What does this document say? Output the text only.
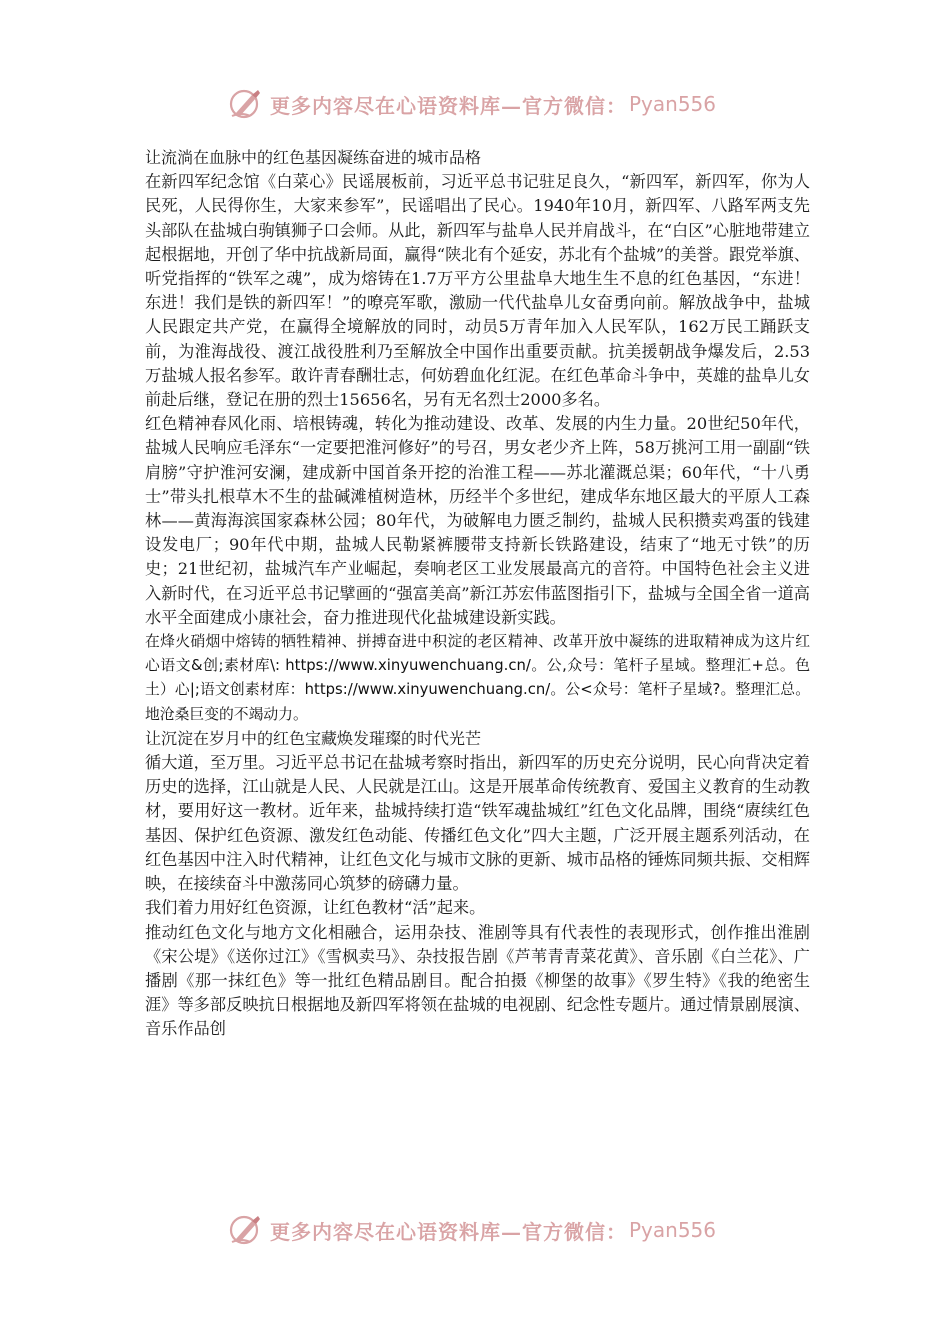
更多内容尽在心语资料库—官方微信： Pyan556

让流淌在血脉中的红色基因凝练奋进的城市品格

在新四军纪念馆《白菜心》民谣展板前，习近平总书记驻足良久，“新四军，新四军，你为人民死，人民得你生，大家来参军”，民谣唱出了民心。1940年10月，新四军、八路军两支先头部队在盐城白驹镇狮子口会师。从此，新四军与盐阜人民并肩战斗，在“白区”心脏地带建立起根据地，开创了华中抗战新局面，赢得“陕北有个延安，苏北有个盐城”的美誉。跟党举旗、听党指挥的“铁军之魂”，成为熔铸在1.7万平方公里盐阜大地生生不息的红色基因，“东进！东进！我们是铁的新四军！”的嘹亮军歌，激励一代代盐阜儿女奋勇向前。解放战争中，盐城人民跟定共产党，在赢得全境解放的同时，动员5万青年加入人民军队，162万民工踊跃支前，为淮海战役、渡江战役胜利乃至解放全中国作出重要贡献。抗美援朝战争爆发后，2.53万盐城人报名参军。敢许青春酬壮志，何妨碧血化红泥。在红色革命斗争中，英雄的盐阜儿女前赴后继，登记在册的烈士15656名，另有无名烈士2000多名。

红色精神春风化雨、培根铸魂，转化为推动建设、改革、发展的内生力量。20世纪50年代，盐城人民响应毛泽东“一定要把淮河修好”的号召，男女老少齐上阵，58万挑河工用一副副“铁肩膀”守护淮河安澜，建成新中国首条开挖的治淮工程——苏北灌溉总渠；60年代，“十八勇士”带头扎根草木不生的盐碱滩植树造林，历经半个多世纪，建成华东地区最大的平原人工森林——黄海海滨国家森林公园；80年代，为破解电力匮乏制约，盐城人民积攒卖鸡蛋的钱建设发电厂；90年代中期，盐城人民勒紧裤腰带支持新长铁路建设，结束了“地无寸铁”的历史；21世纪初，盐城汽车产业崛起，奏响老区工业发展最高亢的音符。中国特色社会主义进入新时代，在习近平总书记擘画的“强富美高”新江苏宏伟蓝图指引下，盐城与全国全省一道高水平全面建成小康社会，奋力推进现代化盐城建设新实践。

在烽火硝烟中熔铸的牺牲精神、拼搏奋进中积淀的老区精神、改革开放中凝练的进取精神成为这片红心语文&创;素材库\: https://www.xinyuwenchuang.cn/。公,众号：笔杆子星域。整理汇+总。色土）心|;语文创素材库：https://www.xinyuwenchuang.cn/。公<众号：笔杆子星域?。整理汇总。地沧桑巨变的不竭动力。

让沉淀在岁月中的红色宝藏焕发璀璨的时代光芒

循大道，至万里。习近平总书记在盐城考察时指出，新四军的历史充分说明，民心向背决定着历史的选择，江山就是人民、人民就是江山。这是开展革命传统教育、爱国主义教育的生动教材，要用好这一教材。近年来，盐城持续打造“铁军魂盐城红”红色文化品牌，围绕“赓续红色基因、保护红色资源、激发红色动能、传播红色文化”四大主题，广泛开展主题系列活动，在红色基因中注入时代精神，让红色文化与城市文脉的更新、城市品格的锤炼同频共振、交相辉映，在接续奋斗中激荡同心筑梦的磅礴力量。

我们着力用好红色资源，让红色教材“活”起来。

推动红色文化与地方文化相融合，运用杂技、淮剧等具有代表性的表现形式，创作推出淮剧《宋公堤》《送你过江》《雪枫卖马》、杂技报告剧《芦苇青青菜花黄》、音乐剧《白兰花》、广播剧《那一抹红色》等一批红色精品剧目。配合拍摄《柳堡的故事》《罗生特》《我的绝密生涯》等多部反映抗日根据地及新四军将领在盐城的电视剧、纪念性专题片。通过情景剧展演、音乐作品创

更多内容尽在心语资料库—官方微信： Pyan556
